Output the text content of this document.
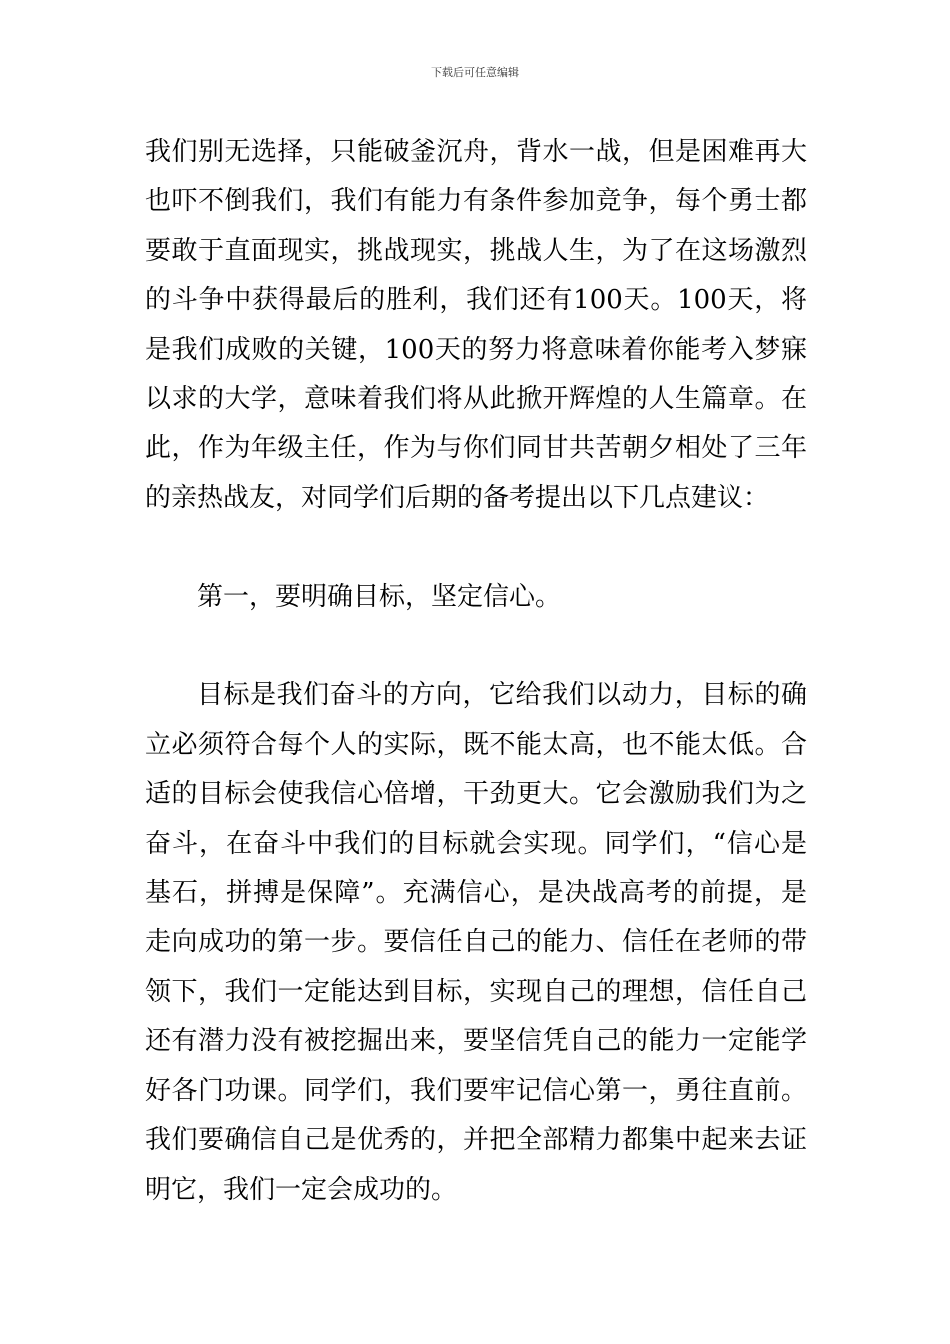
下载后可任意编辑

我们别无选择，只能破釜沉舟，背水一战，但是困难再大也吓不倒我们，我们有能力有条件参加竞争，每个勇士都要敢于直面现实，挑战现实，挑战人生，为了在这场激烈的斗争中获得最后的胜利，我们还有100天。100天，将是我们成败的关键，100天的努力将意味着你能考入梦寐以求的大学，意味着我们将从此掀开辉煌的人生篇章。在此，作为年级主任，作为与你们同甘共苦朝夕相处了三年的亲热战友，对同学们后期的备考提出以下几点建议：

第一，要明确目标，坚定信心。

目标是我们奋斗的方向，它给我们以动力，目标的确立必须符合每个人的实际，既不能太高，也不能太低。合适的目标会使我信心倍增，干劲更大。它会激励我们为之奋斗，在奋斗中我们的目标就会实现。同学们，“信心是基石，拼搏是保障”。充满信心，是决战高考的前提，是走向成功的第一步。要信任自己的能力、信任在老师的带领下，我们一定能达到目标，实现自己的理想，信任自己还有潜力没有被挖掘出来，要坚信凭自己的能力一定能学好各门功课。同学们，我们要牢记信心第一，勇往直前。我们要确信自己是优秀的，并把全部精力都集中起来去证明它，我们一定会成功的。
